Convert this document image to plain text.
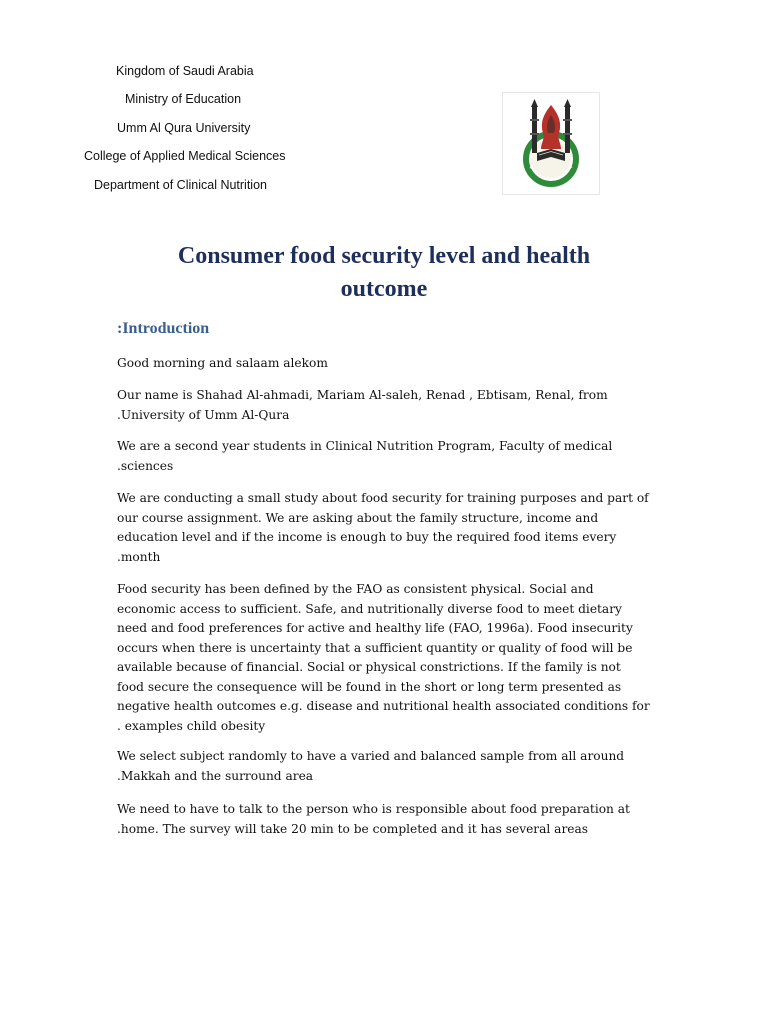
Kingdom of Saudi Arabia
Ministry of Education
Umm Al Qura University
College of Applied Medical Sciences
Department of Clinical Nutrition
Consumer food security level and health
outcome
:Introduction
Good morning and salaam alekom
Our name is Shahad Al-ahmadi, Mariam Al-saleh, Renad , Ebtisam, Renal, from
.University of Umm Al-Qura
We are a second year students in Clinical Nutrition Program, Faculty of medical
.sciences
We are conducting a small study about food security for training purposes and part of
our course assignment. We are asking about the family structure, income and
education level and if the income is enough to buy the required food items every
.month
Food security has been defined by the FAO as consistent physical. Social and
economic access to sufficient. Safe, and nutritionally diverse food to meet dietary
need and food preferences for active and healthy life (FAO, 1996a). Food insecurity
occurs when there is uncertainty that a sufficient quantity or quality of food will be
available because of financial. Social or physical constrictions. If the family is not
food secure the consequence will be found in the short or long term presented as
negative health outcomes e.g. disease and nutritional health associated conditions for
. examples child obesity
We select subject randomly to have a varied and balanced sample from all around
.Makkah and the surround area
We need to have to talk to the person who is responsible about food preparation at
.home. The survey will take 20 min to be completed and it has several areas
